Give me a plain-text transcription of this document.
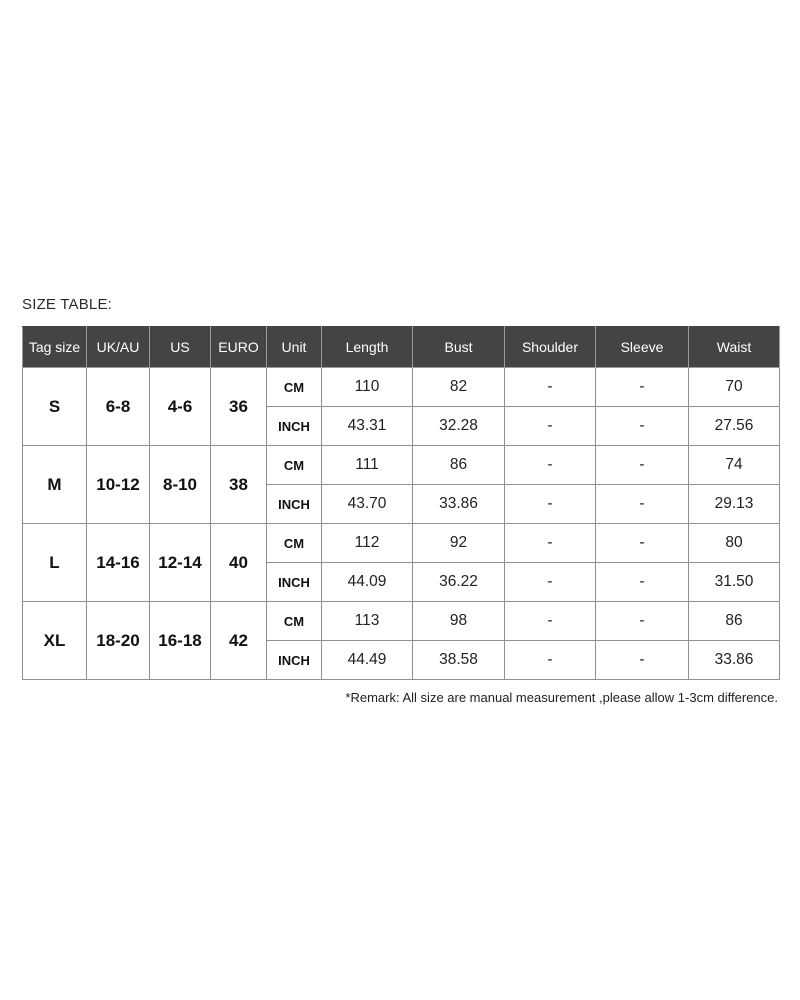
SIZE TABLE:
Tag size	UK/AU	US	EURO	Unit	Length	Bust	Shoulder	Sleeve	Waist
S	6-8	4-6	36	CM	110	82	-	-	70
				INCH	43.31	32.28	-	-	27.56
M	10-12	8-10	38	CM	111	86	-	-	74
				INCH	43.70	33.86	-	-	29.13
L	14-16	12-14	40	CM	112	92	-	-	80
				INCH	44.09	36.22	-	-	31.50
XL	18-20	16-18	42	CM	113	98	-	-	86
				INCH	44.49	38.58	-	-	33.86
*Remark: All size are manual measurement ,please allow 1-3cm difference.
